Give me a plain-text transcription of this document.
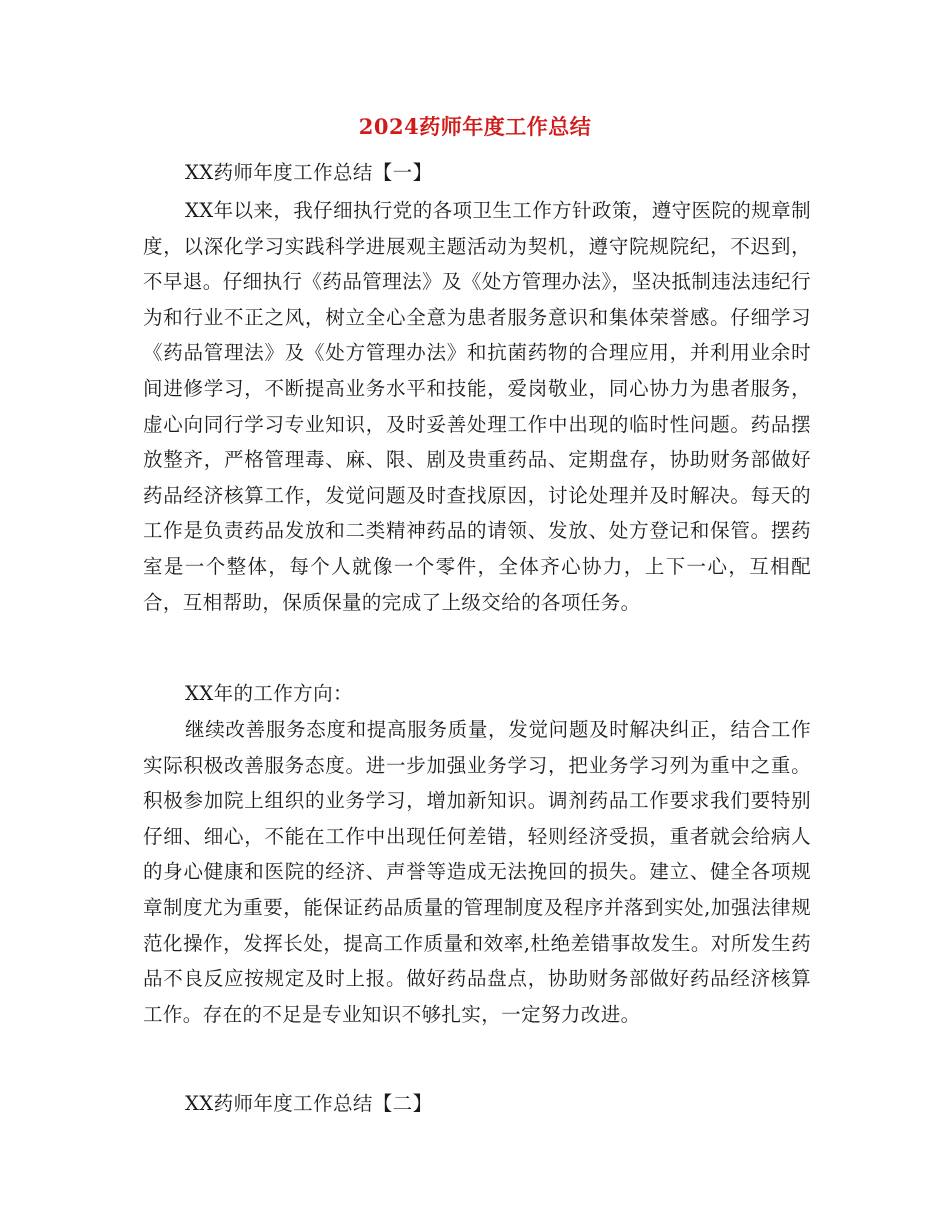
2024药师年度工作总结
XX药师年度工作总结【一】
XX年以来，我仔细执行党的各项卫生工作方针政策，遵守医院的规章制度，以深化学习实践科学进展观主题活动为契机，遵守院规院纪，不迟到，不早退。仔细执行《药品管理法》及《处方管理办法》，坚决抵制违法违纪行为和行业不正之风，树立全心全意为患者服务意识和集体荣誉感。仔细学习《药品管理法》及《处方管理办法》和抗菌药物的合理应用，并利用业余时间进修学习，不断提高业务水平和技能，爱岗敬业，同心协力为患者服务，虚心向同行学习专业知识，及时妥善处理工作中出现的临时性问题。药品摆放整齐，严格管理毒、麻、限、剧及贵重药品、定期盘存，协助财务部做好药品经济核算工作，发觉问题及时查找原因，讨论处理并及时解决。每天的工作是负责药品发放和二类精神药品的请领、发放、处方登记和保管。摆药室是一个整体，每个人就像一个零件，全体齐心协力，上下一心，互相配合，互相帮助，保质保量的完成了上级交给的各项任务。
XX年的工作方向：
继续改善服务态度和提高服务质量，发觉问题及时解决纠正，结合工作实际积极改善服务态度。进一步加强业务学习，把业务学习列为重中之重。积极参加院上组织的业务学习，增加新知识。调剂药品工作要求我们要特别仔细、细心，不能在工作中出现任何差错，轻则经济受损，重者就会给病人的身心健康和医院的经济、声誉等造成无法挽回的损失。建立、健全各项规章制度尤为重要，能保证药品质量的管理制度及程序并落到实处,加强法律规范化操作，发挥长处，提高工作质量和效率,杜绝差错事故发生。对所发生药品不良反应按规定及时上报。做好药品盘点，协助财务部做好药品经济核算工作。存在的不足是专业知识不够扎实，一定努力改进。
XX药师年度工作总结【二】
